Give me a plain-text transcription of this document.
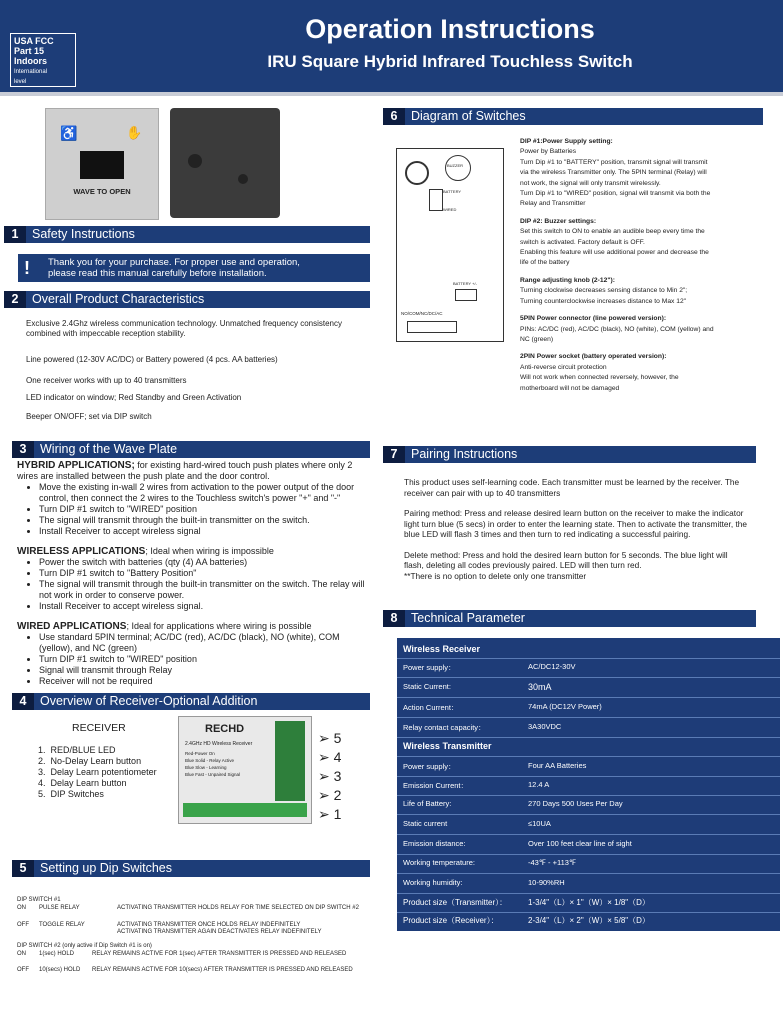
USA FCC
Part 15
Indoors
International
level
Operation Instructions
IRU Square Hybrid Infrared Touchless Switch
♿	✋
WAVE TO OPEN
1 Safety Instructions
! Thank you for your purchase. For proper use and operation,
please read this manual carefully before installation.
2 Overall Product Characteristics
Exclusive 2.4Ghz wireless communication technology. Unmatched frequency consistency
combined with impeccable reception stability.
Line powered (12-30V AC/DC) or Battery powered (4 pcs. AA batteries)
One receiver works with up to 40 transmitters
LED indicator on window; Red Standby and Green Activation
Beeper ON/OFF; set via DIP switch
3 Wiring of the Wave Plate
HYBRID APPLICATIONS; for existing hard-wired touch push plates where only 2
wires are installed between the push plate and the door control.
• Move the existing in-wall 2 wires from activation to the power output of the door control, then connect the 2 wires to the Touchless switch's power "+" and "-"
• Turn DIP #1 switch to "WIRED" position
• The signal will transmit through the built-in transmitter on the switch.
• Install Receiver to accept wireless signal
WIRELESS APPLICATIONS; Ideal when wiring is impossible
• Power the switch with batteries (qty (4) AA batteries)
• Turn DIP #1 switch to "Battery Position"
• The signal will transmit through the built-in transmitter on the switch. The relay will not work in order to conserve power.
• Install Receiver to accept wireless signal.
WIRED APPLICATIONS; Ideal for applications where wiring is possible
• Use standard 5PIN terminal; AC/DC (red), AC/DC (black), NO (white), COM (yellow), and NC (green)
• Turn DIP #1 switch to "WIRED" position
• Signal will transmit through Relay
• Receiver will not be required
4 Overview of Receiver-Optional Addition
RECEIVER
1.  RED/BLUE LED
2.  No-Delay Learn button
3.  Delay Learn potentiometer
4.  Delay Learn button
5.  DIP Switches
RECHD
2.4GHz HD Wireless Receiver
Red-Power On
Blue Solid - Relay Active
Blue Slow - Learning
Blue Fast - Unpaired Signal
➢ 5
➢ 4
➢ 3
➢ 2
➢ 1
5 Setting up Dip Switches
DIP SWITCH #1
ON PULSE RELAY	ACTIVATING TRANSMITTER HOLDS RELAY FOR TIME SELECTED ON DIP SWITCH #2
OFF TOGGLE RELAY	ACTIVATING TRANSMITTER ONCE HOLDS RELAY INDEFINITELY
ACTIVATING TRANSMITTER AGAIN DEACTIVATES RELAY INDEFINITELY
DIP SWITCH #2 (only active if Dip Switch #1 is on)
ON 1(sec) HOLD	RELAY REMAINS ACTIVE FOR 1(sec) AFTER TRANSMITTER IS PRESSED AND RELEASED
OFF 10(secs) HOLD RELAY REMAINS ACTIVE FOR 10(secs) AFTER TRANSMITTER IS PRESSED AND RELEASED
6 Diagram of Switches
BUZZER
BATTERY
WIRED
BATTERY +/-
NO/COM/NC/DC/AC
DIP #1:Power Supply setting:
Power by Batteries
Turn Dip #1 to "BATTERY" position, transmit signal will transmit
via the wireless Transmitter only. The 5PIN terminal (Relay) will
not work, the signal will only transmit wirelessly.
Turn Dip #1 to "WIRED" position, signal will transmit via both the
Relay and Transmitter
DIP #2: Buzzer settings:
Set this switch to ON to enable an audible beep every time the
switch is activated. Factory default is OFF.
Enabling this feature will use additional power and decrease the
life of the battery
Range adjusting knob (2-12"):
Turning clockwise decreases sensing distance to Min 2";
Turning counterclockwise increases distance to Max 12"
5PIN Power connector (line powered version):
PINs: AC/DC (red), AC/DC (black), NO (white), COM (yellow) and
NC (green)
2PIN Power socket (battery operated version):
Anti-reverse circuit protection
Will not work when connected reversely, however, the
motherboard will not be damaged
7 Pairing Instructions
This product uses self-learning code. Each transmitter must be learned by the receiver. The receiver can pair with up to 40 transmitters
Pairing method: Press and release desired learn button on the receiver to make the indicator light turn blue (5 secs) in order to enter the learning state. Then to activate the transmitter, the blue LED will flash 3 times and then turn to red indicating a successful pairing.
Delete method: Press and hold the desired learn button for 5 seconds. The blue light will flash, deleting all codes previously paired. LED will then turn red.
**There is no option to delete only one transmitter
8 Technical Parameter
Wireless Receiver
Power supply：	AC/DC12-30V
Static Current:	30mA
Action Current：	74mA (DC12V Power)
Relay contact capacity：	3A30VDC
Wireless Transmitter
Power supply：	Four AA Batteries
Emission Current：	12.4 A
Life of Battery:	270 Days 500 Uses Per Day
Static current	≤10UA
Emission distance:	Over 100 feet clear line of sight
Working temperature:	-43℉ - +113℉
Working humidity:	10-90%RH
Product size（Transmitter）：	1-3/4"（L）× 1"（W）× 1/8"（D）
Product size（Receiver）：	2-3/4"（L）× 2"（W）× 5/8"（D）
